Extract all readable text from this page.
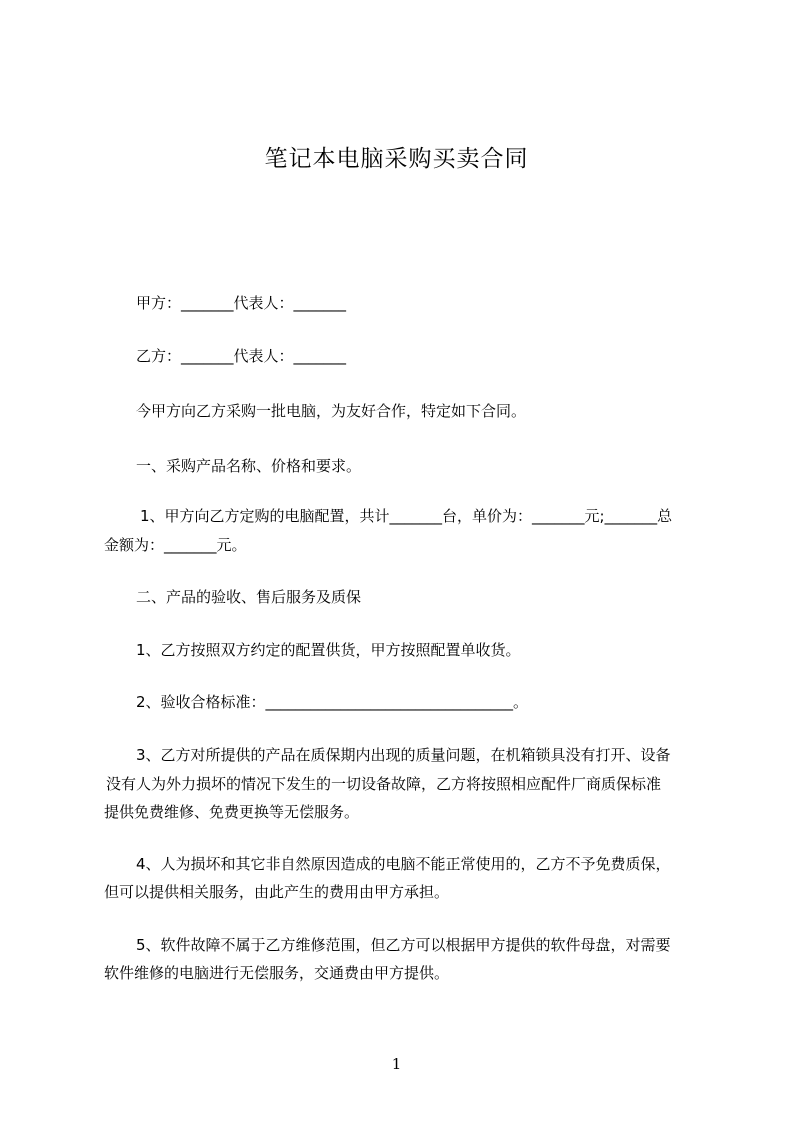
笔记本电脑采购买卖合同
甲方：_______代表人：_______
乙方：_______代表人：_______
今甲方向乙方采购一批电脑，为友好合作，特定如下合同。
一、采购产品名称、价格和要求。
1、甲方向乙方定购的电脑配置，共计_______台，单价为：_______元;_______总
金额为：_______元。
二、产品的验收、售后服务及质保
1、乙方按照双方约定的配置供货，甲方按照配置单收货。
2、验收合格标准：_________________________________。
3、乙方对所提供的产品在质保期内出现的质量问题，在机箱锁具没有打开、设备
没有人为外力损坏的情况下发生的一切设备故障，乙方将按照相应配件厂商质保标准
提供免费维修、免费更换等无偿服务。
4、人为损坏和其它非自然原因造成的电脑不能正常使用的，乙方不予免费质保，
但可以提供相关服务，由此产生的费用由甲方承担。
5、软件故障不属于乙方维修范围，但乙方可以根据甲方提供的软件母盘，对需要
软件维修的电脑进行无偿服务，交通费由甲方提供。
1
